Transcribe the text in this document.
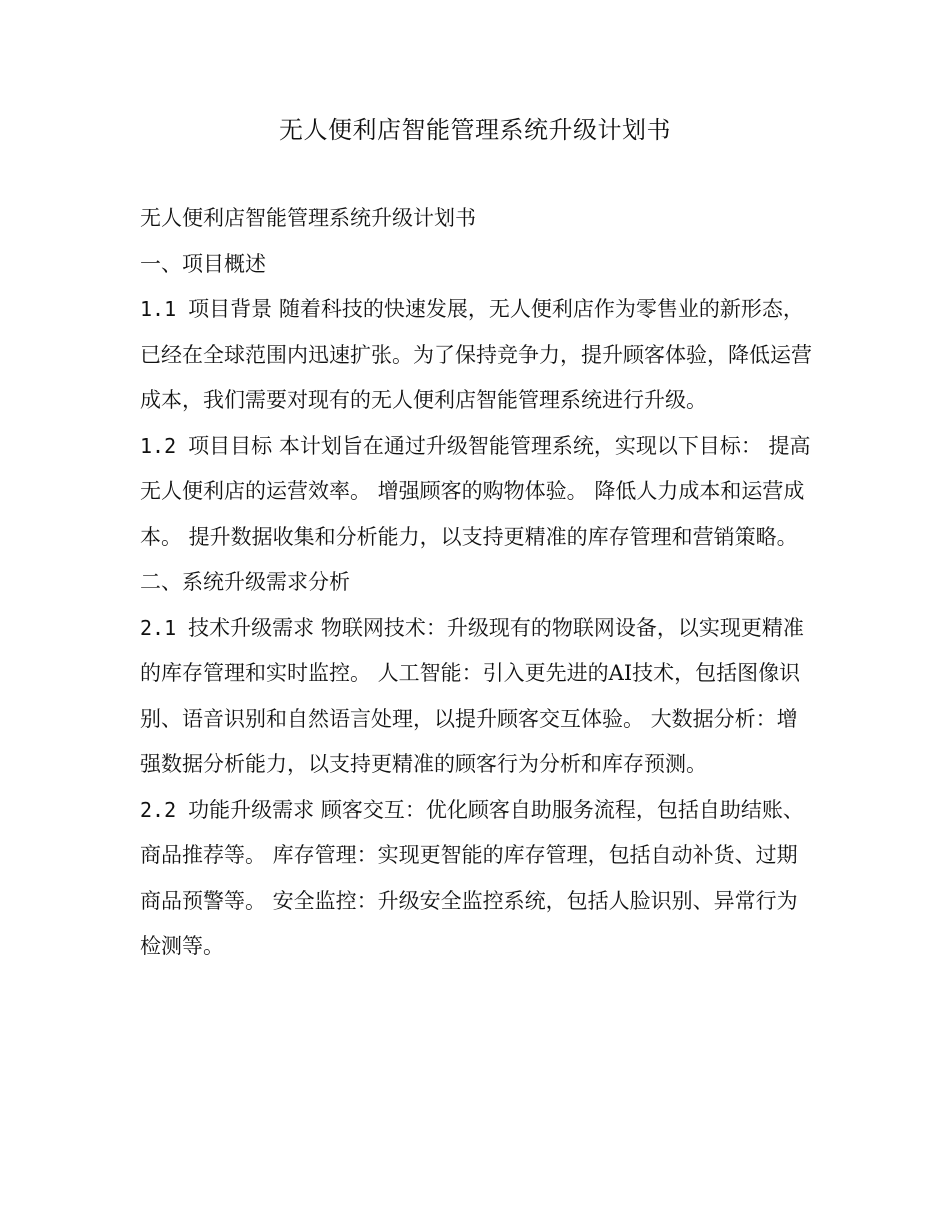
无人便利店智能管理系统升级计划书

无人便利店智能管理系统升级计划书

一、项目概述

1.1 项目背景 随着科技的快速发展，无人便利店作为零售业的新形态，已经在全球范围内迅速扩张。为了保持竞争力，提升顾客体验，降低运营成本，我们需要对现有的无人便利店智能管理系统进行升级。

1.2 项目目标 本计划旨在通过升级智能管理系统，实现以下目标： 提高无人便利店的运营效率。 增强顾客的购物体验。 降低人力成本和运营成本。 提升数据收集和分析能力，以支持更精准的库存管理和营销策略。

二、系统升级需求分析

2.1 技术升级需求 物联网技术：升级现有的物联网设备，以实现更精准的库存管理和实时监控。 人工智能：引入更先进的AI技术，包括图像识别、语音识别和自然语言处理，以提升顾客交互体验。 大数据分析：增强数据分析能力，以支持更精准的顾客行为分析和库存预测。

2.2 功能升级需求 顾客交互：优化顾客自助服务流程，包括自助结账、商品推荐等。 库存管理：实现更智能的库存管理，包括自动补货、过期商品预警等。 安全监控：升级安全监控系统，包括人脸识别、异常行为检测等。
